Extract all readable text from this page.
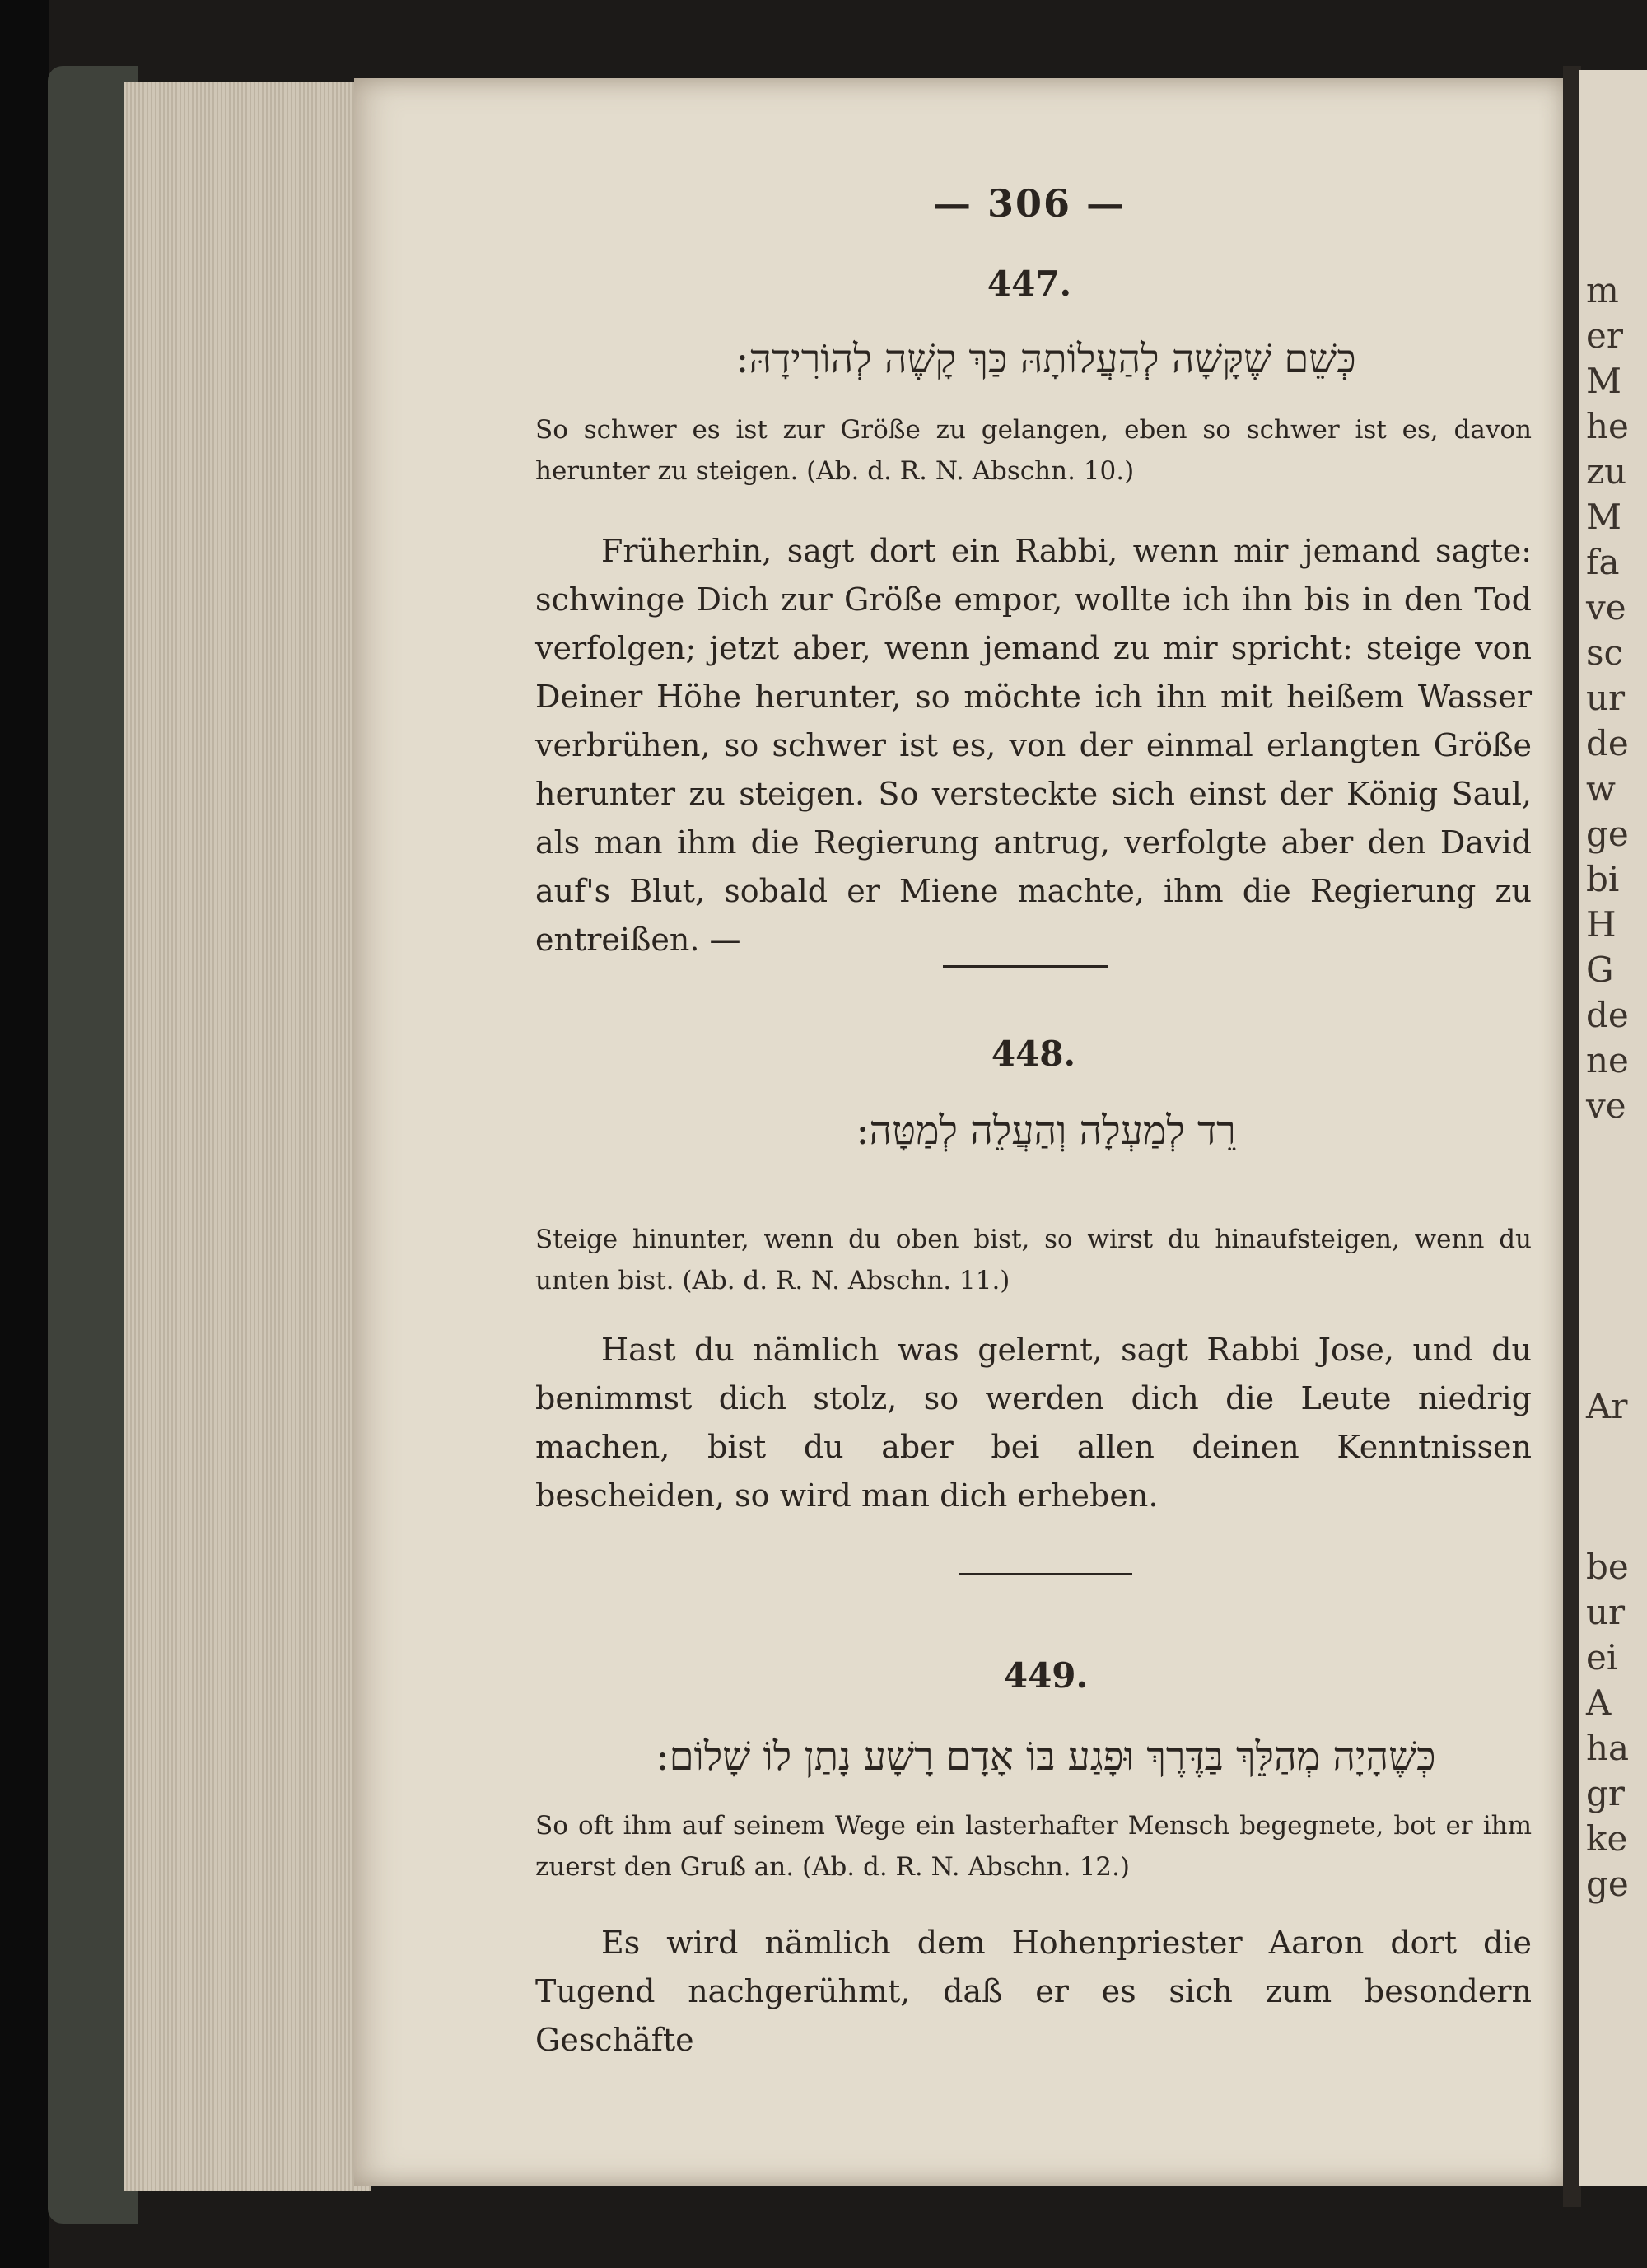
— 306 —
447.
כְּשֵׁם שֶׁקָּשָׁה לְהַעֲלוֹתָהּ כַּךְ קָשֶׁה לְהוֹרִידָהּ:
So schwer es ist zur Größe zu gelangen, eben so schwer ist es, davon herunter zu steigen. (Ab. d. R. N. Abschn. 10.)
Früherhin, sagt dort ein Rabbi, wenn mir jemand sagte: schwinge Dich zur Größe empor, wollte ich ihn bis in den Tod verfolgen; jetzt aber, wenn jemand zu mir spricht: steige von Deiner Höhe herunter, so möchte ich ihn mit heißem Wasser verbrühen, so schwer ist es, von der einmal erlangten Größe herunter zu steigen. So versteckte sich einst der König Saul, als man ihm die Regierung antrug, verfolgte aber den David auf's Blut, sobald er Miene machte, ihm die Regierung zu entreißen. —
448.
רֵד לְמַעְלָה וְהַעֲלֵה לְמַטָּה:
Steige hinunter, wenn du oben bist, so wirst du hinaufsteigen, wenn du unten bist. (Ab. d. R. N. Abschn. 11.)
Hast du nämlich was gelernt, sagt Rabbi Jose, und du benimmst dich stolz, so werden dich die Leute niedrig machen, bist du aber bei allen deinen Kenntnissen bescheiden, so wird man dich erheben.
449.
כְּשֶׁהָיָה מְהַלֵּךְ בַּדֶּרֶךְ וּפָגַע בּוֹ אָדָם רָשָׁע נָתַן לוֹ שָׁלוֹם:
So oft ihm auf seinem Wege ein lasterhafter Mensch begegnete, bot er ihm zuerst den Gruß an. (Ab. d. R. N. Abschn. 12.)
Es wird nämlich dem Hohenpriester Aaron dort die Tugend nachgerühmt, daß er es sich zum besondern Geschäfte
m
er
M
he
zu
M
fa
ve
sc
ur
de
w
ge
bi
H
G
de
ne
ve
Ar
be
ur
ei
A
ha
gr
ke
ge
